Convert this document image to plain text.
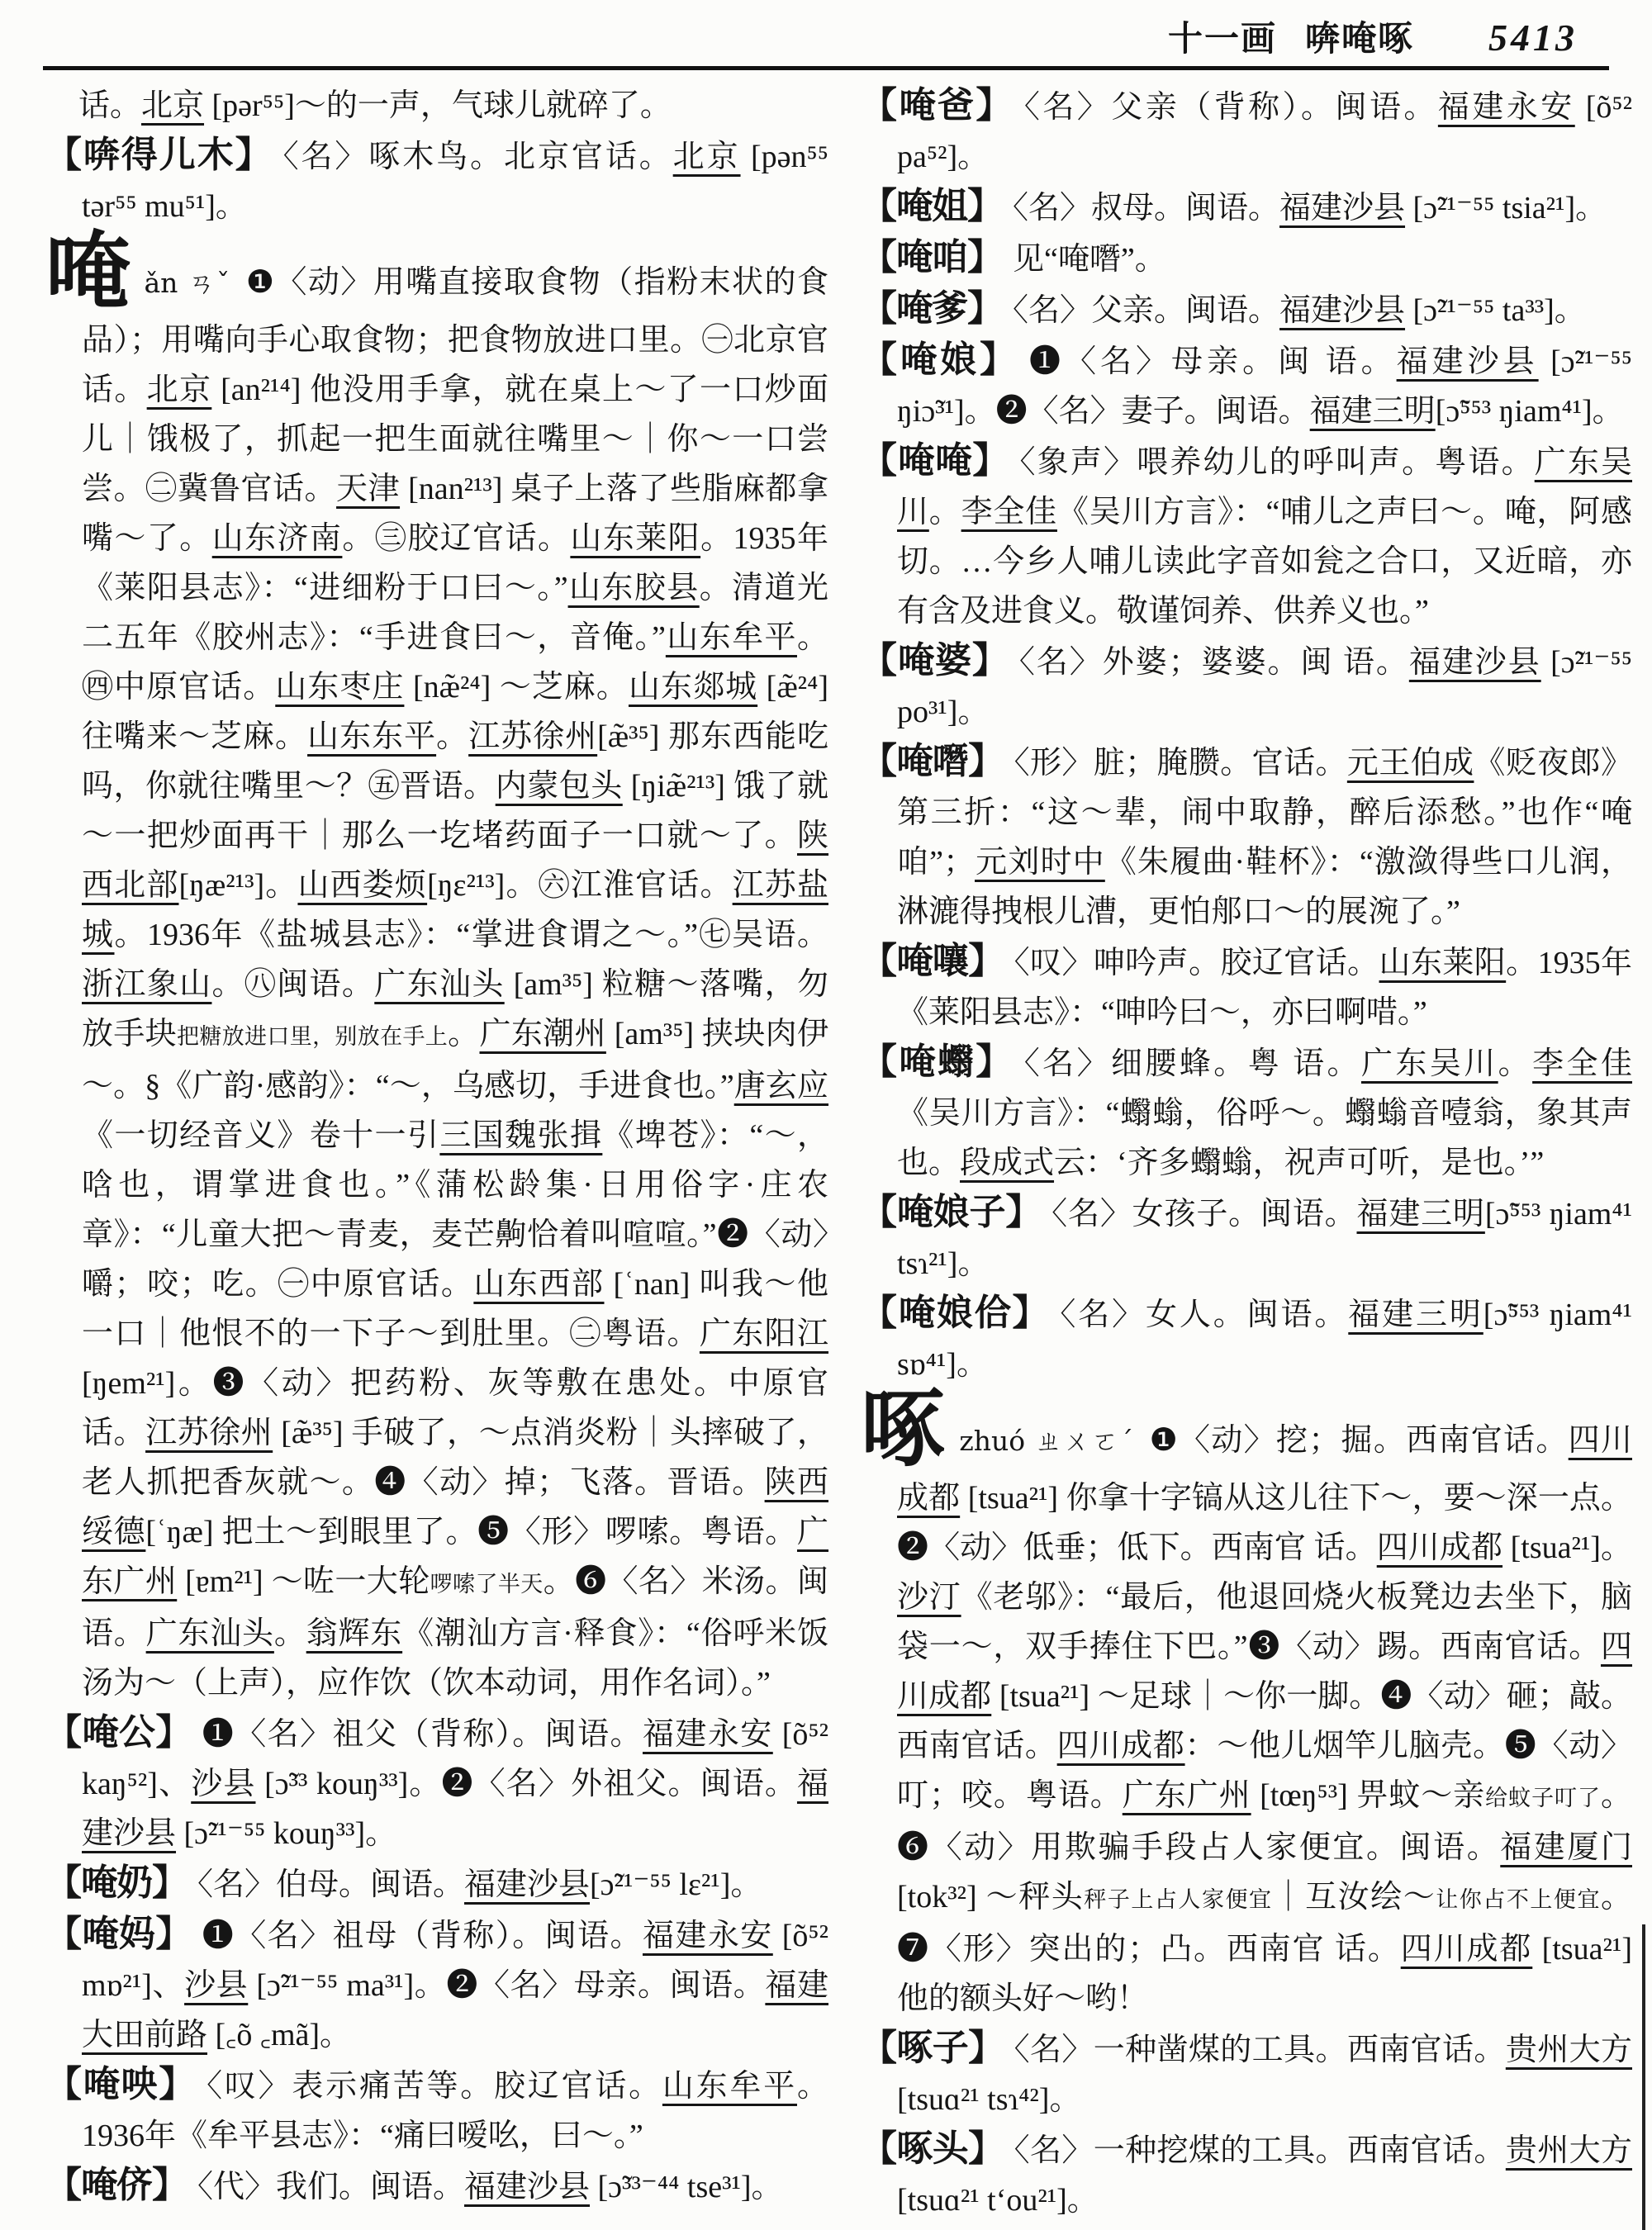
十一画 喯唵啄 5413

话。北京 [pər⁵⁵]～的一声，气球儿就碎了。

【喯得儿木】 〈名〉啄木鸟。北京官话。北京 [pən⁵⁵ tər⁵⁵ mu⁵¹]。

唵ǎn ㄢˇ ❶〈动〉用嘴直接取食物（指粉末状的食品）；用嘴向手心取食物；把食物放进口里。㊀北京官话。北京 [an²¹⁴] 他没用手拿，就在桌上～了一口炒面儿｜饿极了，抓起一把生面就往嘴里～｜你～一口尝尝。㊁冀鲁官话。天津 [nan²¹³] 桌子上落了些脂麻都拿嘴～了。山东济南。㊂胶辽官话。山东莱阳。1935年《莱阳县志》：“进细粉于口曰～。”山东胶县。清道光二五年《胶州志》：“手进食曰～，音俺。”山东牟平。㊃中原官话。山东枣庄 [næ̃²⁴] ～芝麻。山东郯城 [æ̃²⁴] 往嘴来～芝麻。山东东平。江苏徐州[æ̃³⁵] 那东西能吃吗，你就往嘴里～？㊄晋语。内蒙包头 [ŋiæ̃²¹³] 饿了就～一把炒面再干｜那么一圪堵药面子一口就～了。陕西北部[ŋæ²¹³]。山西娄烦[ŋɛ²¹³]。㊅江淮官话。江苏盐城。1936年《盐城县志》：“掌进食谓之～。”㊆吴语。浙江象山。㊇闽语。广东汕头 [am³⁵] 粒糖～落嘴，勿放手块把糖放进口里，别放在手上。广东潮州 [am³⁵] 挟块肉伊～。§《广韵·感韵》：“～，乌感切，手进食也。”唐玄应《一切经音义》卷十一引三国魏张揖《埤苍》：“～，唅也，谓掌进食也。”《蒲松龄集·日用俗字·庄农章》：“儿童大把～青麦，麦芒齁恰着叫喧喧。”❷〈动〉嚼；咬；吃。㊀中原官话。山东西部 [ʿnan] 叫我～他一口｜他恨不的一下子～到肚里。㊁粤语。广东阳江 [ŋem²¹]。❸〈动〉把药粉、灰等敷在患处。中原官话。江苏徐州 [æ̃³⁵] 手破了，～点消炎粉｜头摔破了，老人抓把香灰就～。❹〈动〉掉；飞落。晋语。陕西绥德[ʿŋæ] 把土～到眼里了。❺〈形〉啰嗦。粤语。广东广州 [ɐm²¹] ～咗一大轮啰嗦了半天。❻〈名〉米汤。闽语。广东汕头。翁辉东《潮汕方言·释食》：“俗呼米饭汤为～（上声），应作饮（饮本动词，用作名词）。”

【唵公】 ❶〈名〉祖父（背称）。闽语。福建永安 [õ⁵² kaŋ⁵²]、沙县 [ɔ̃³³ kouŋ³³]。❷〈名〉外祖父。闽语。福建沙县 [ɔ̃²¹⁻⁵⁵ kouŋ³³]。

【唵奶】 〈名〉伯母。闽语。福建沙县[ɔ̃²¹⁻⁵⁵ lɛ²¹]。

【唵妈】 ❶〈名〉祖母（背称）。闽语。福建永安 [õ⁵² mɒ²¹]、沙县 [ɔ̃²¹⁻⁵⁵ ma³¹]。❷〈名〉母亲。闽语。福建大田前路 [꜀õ ꜀mã]。

【唵咉】 〈叹〉表示痛苦等。胶辽官话。山东牟平。1936年《牟平县志》：“痛曰嗳吆，曰～。”

【唵侪】 〈代〉我们。闽语。福建沙县 [ɔ̃³³⁻⁴⁴ tse³¹]。

【唵爸】 〈名〉父亲（背称）。闽语。福建永安 [õ⁵² pa⁵²]。

【唵姐】 〈名〉叔母。闽语。福建沙县 [ɔ̃²¹⁻⁵⁵ tsia²¹]。

【唵咱】 见“唵噆”。

【唵爹】 〈名〉父亲。闽语。福建沙县 [ɔ̃²¹⁻⁵⁵ ta³³]。

【唵娘】 ❶〈名〉母亲。闽 语。福建沙县 [ɔ̃²¹⁻⁵⁵ ŋiɔ̃³¹]。❷〈名〉妻子。闽语。福建三明[ɔ̃⁵⁵³ ŋiam⁴¹]。

【唵唵】 〈象声〉喂养幼儿的呼叫声。粤语。广东吴川。李全佳《吴川方言》：“哺儿之声曰～。唵，阿感切。…今乡人哺儿读此字音如瓮之合口，又近暗，亦有含及进食义。敬谨饲养、供养义也。”

【唵婆】 〈名〉外婆；婆婆。闽 语。福建沙县 [ɔ̃²¹⁻⁵⁵ po³¹]。

【唵噆】 〈形〉脏；腌臜。官话。元王伯成《贬夜郎》第三折：“这～辈，闹中取静，醉后添愁。”也作“唵咱”；元刘时中《朱履曲·鞋杯》：“激潋得些口儿润，淋漉得拽根儿漕，更怕郍口～的展涴了。”

【唵嚷】 〈叹〉呻吟声。胶辽官话。山东莱阳。1935年《莱阳县志》：“呻吟曰～，亦曰啊唶。”

【唵蠮】 〈名〉细腰蜂。粤 语。广东吴川。李全佳《吴川方言》：“蠮螉，俗呼～。蠮螉音噎翁，象其声也。段成式云：‘齐多蠮螉，祝声可听，是也。’”

【唵娘子】 〈名〉女孩子。闽语。福建三明[ɔ̃⁵⁵³ ŋiam⁴¹ tsɿ²¹]。

【唵娘佮】 〈名〉女人。闽语。福建三明[ɔ̃⁵⁵³ ŋiam⁴¹ sɒ⁴¹]。

啄zhuó ㄓㄨㄛˊ ❶〈动〉挖；掘。西南官话。四川成都 [tsua²¹] 你拿十字镐从这儿往下～，要～深一点。❷〈动〉低垂；低下。西南官 话。四川成都 [tsua²¹]。沙汀《老邬》：“最后，他退回烧火板凳边去坐下，脑袋一～，双手捧住下巴。”❸〈动〉踢。西南官话。四川成都 [tsua²¹] ～足球｜～你一脚。❹〈动〉砸；敲。西南官话。四川成都：～他儿烟竿儿脑壳。❺〈动〉叮；咬。粤语。广东广州 [tœŋ⁵³] 畀蚊～亲给蚊子叮了。❻〈动〉用欺骗手段占人家便宜。闽语。福建厦门[tok³²] ～秤头秤子上占人家便宜｜互汝绘～让你占不上便宜。❼〈形〉突出的；凸。西南官 话。四川成都 [tsua²¹] 他的额头好～哟！

【啄子】 〈名〉一种凿煤的工具。西南官话。贵州大方 [tsuɑ²¹ tsɿ⁴²]。

【啄头】 〈名〉一种挖煤的工具。西南官话。贵州大方 [tsuɑ²¹ tʻou²¹]。
